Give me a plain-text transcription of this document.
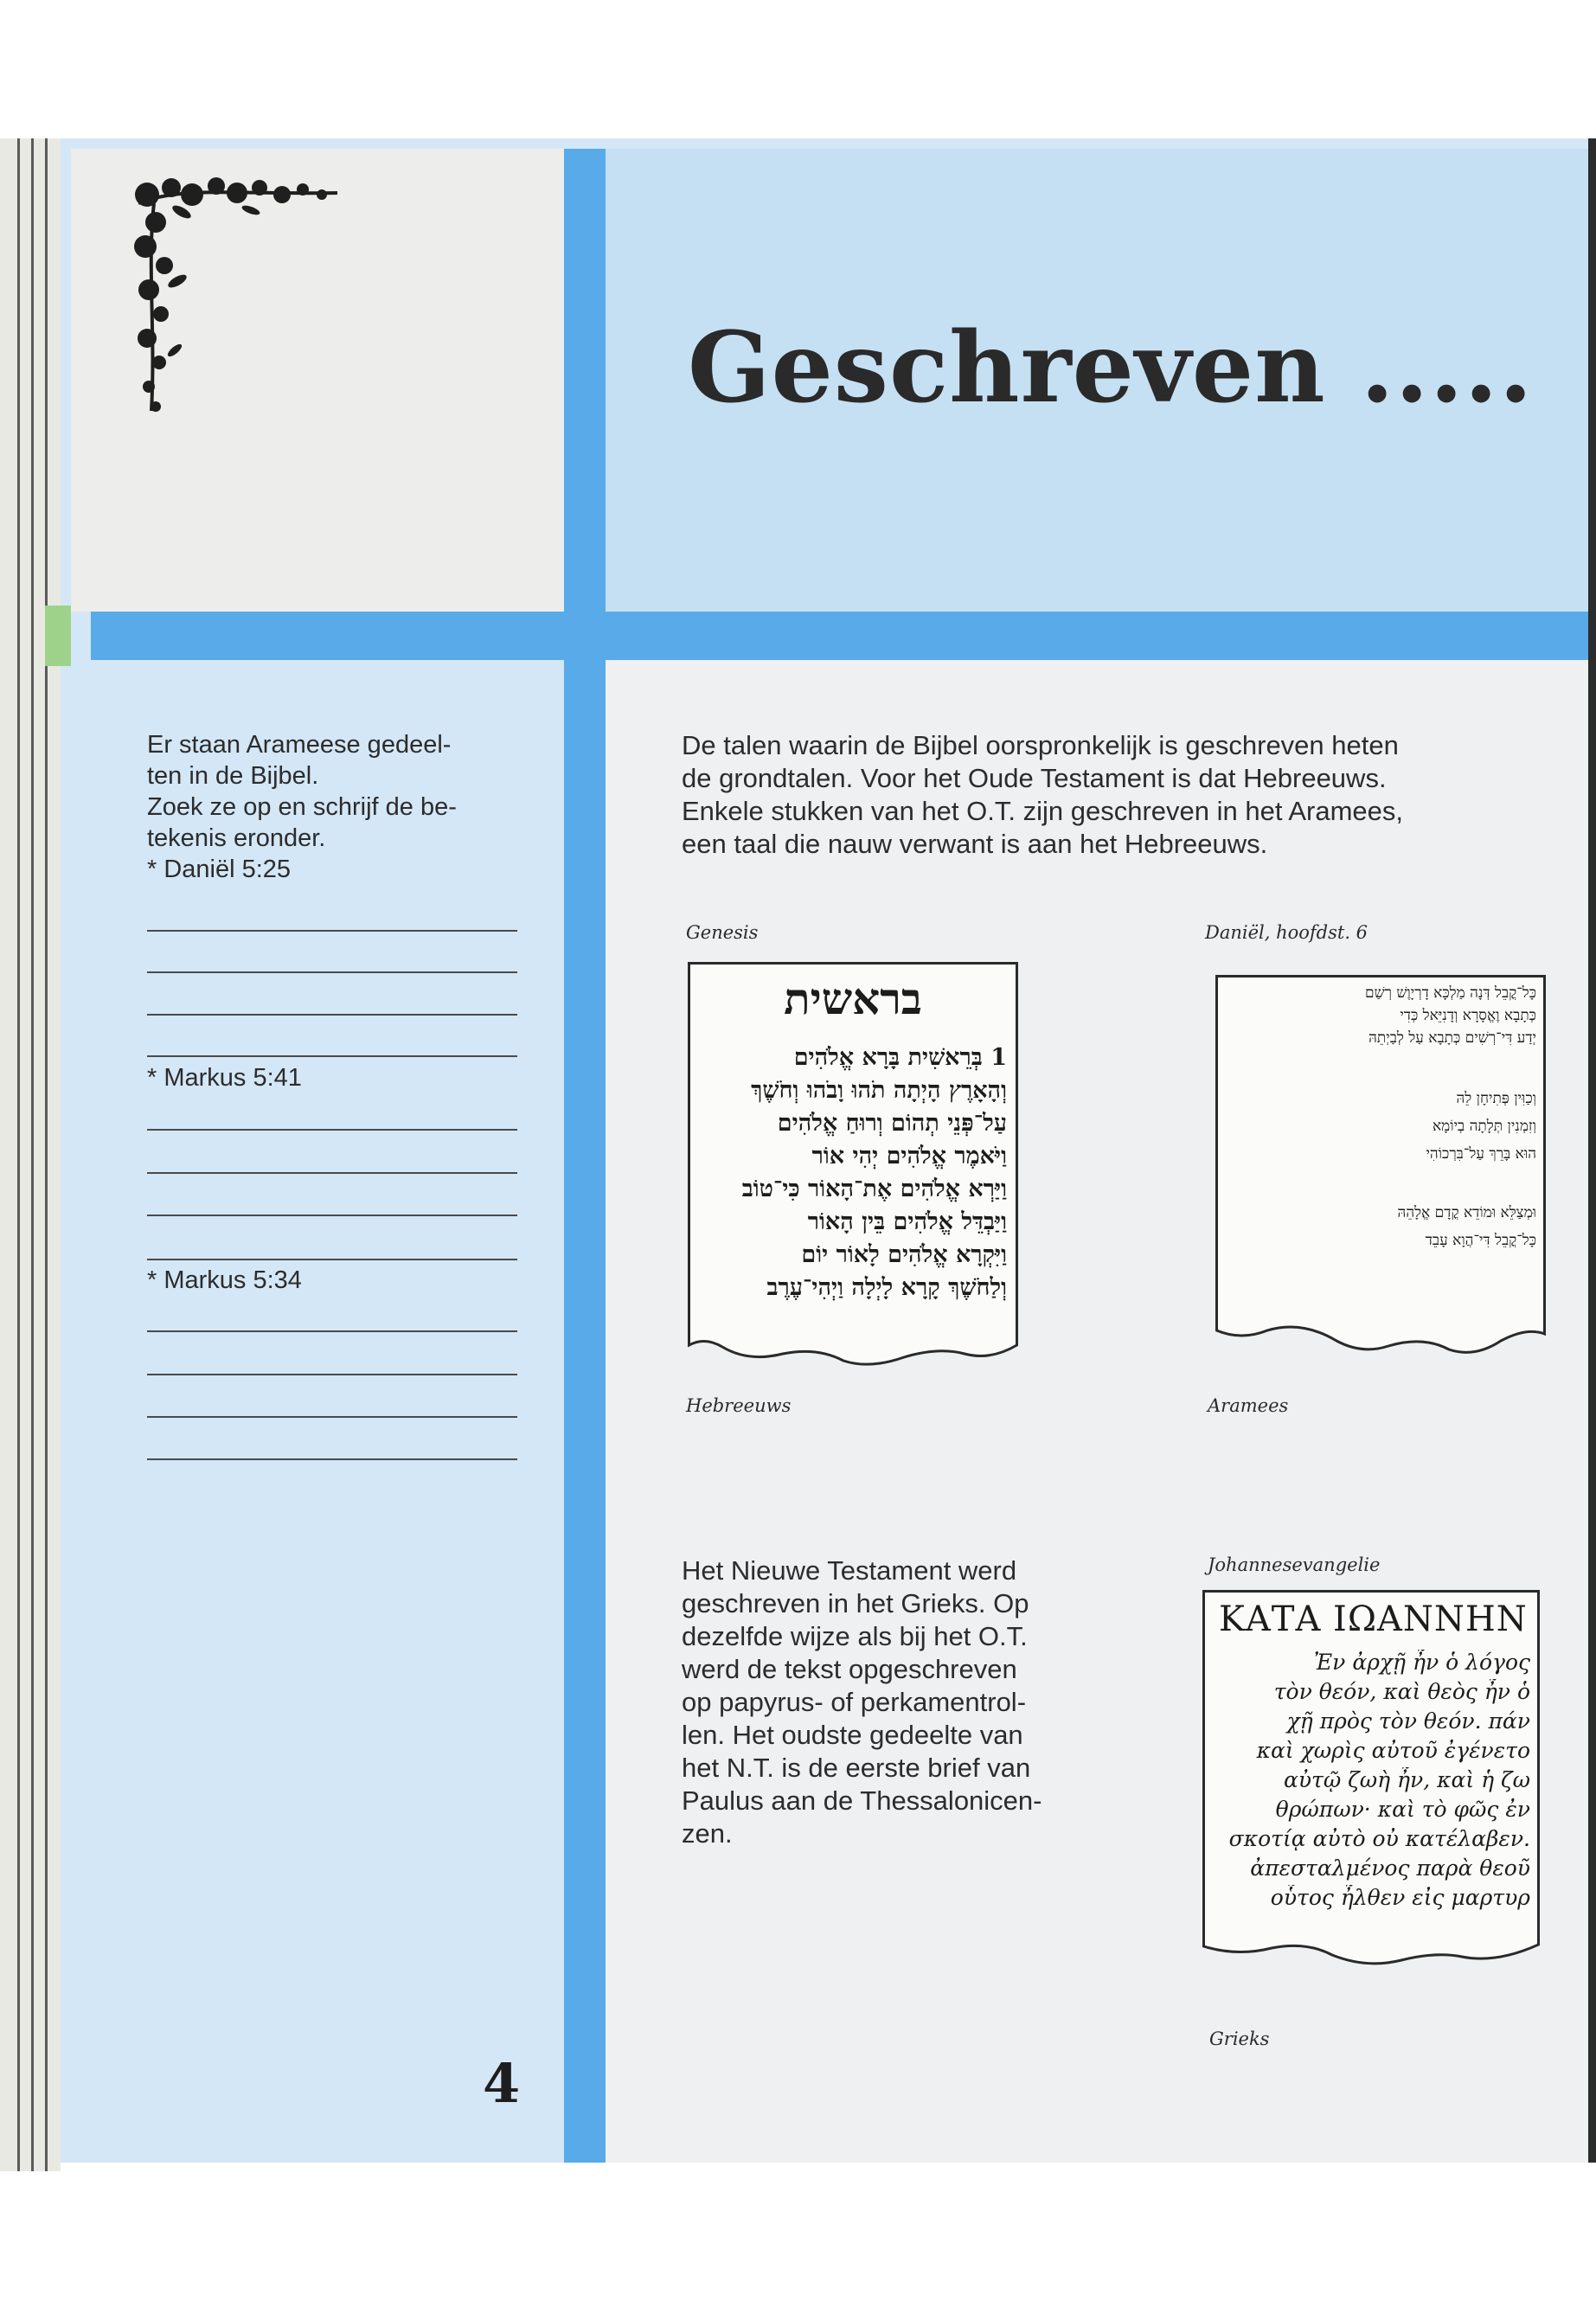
Geschreven .....
Er staan Arameese gedeel-
ten in de Bijbel.
Zoek ze op en schrijf de be-
tekenis eronder.
* Daniël 5:25
* Markus 5:41
* Markus 5:34
4
De talen waarin de Bijbel oorspronkelijk is geschreven heten
de grondtalen. Voor het Oude Testament is dat Hebreeuws.
Enkele stukken van het O.T. zijn geschreven in het Aramees,
een taal die nauw verwant is aan het Hebreeuws.
Genesis
בראשית
1 בְּרֵאשִׁית בָּרָא אֱלֹהִים
וְהָאָרֶץ הָיְתָה תֹהוּ וָבֹהוּ וְחֹשֶׁךְ
עַל־פְּנֵי תְהוֹם וְרוּחַ אֱלֹהִים
וַיֹּאמֶר אֱלֹהִים יְהִי אוֹר
וַיַּרְא אֱלֹהִים אֶת־הָאוֹר כִּי־טוֹב
וַיַּבְדֵּל אֱלֹהִים בֵּין הָאוֹר
וַיִּקְרָא אֱלֹהִים לָאוֹר יוֹם
וְלַחֹשֶׁךְ קָרָא לָיְלָה וַיְהִי־עֶרֶב
Hebreeuws
Daniël, hoofdst. 6
כָּל־קֳבֵל דְּנָה מַלְכָּא דָרְיָוֶשׁ רְשַׁם
כְּתָבָא וֶאֱסָרָא וְדָנִיֵּאל כְּדִי
יְדַע דִּי־רְשִׁים כְּתָבָא עַל לְבַיְתֵהּ
וְכַוִּין פְּתִיחָן לֵהּ
וְזִמְנִין תְּלָתָה בְיוֹמָא
הוּא בָּרֵךְ עַל־בִּרְכוֹהִי
וּמְצַלֵּא וּמוֹדֵא קֳדָם אֱלָהֵהּ
כָּל־קֳבֵל דִּי־הֲוָא עָבֵד
Aramees
Het Nieuwe Testament werd
geschreven in het Grieks. Op
dezelfde wijze als bij het O.T.
werd de tekst opgeschreven
op papyrus- of perkamentrol-
len. Het oudste gedeelte van
het N.T. is de eerste brief van
Paulus aan de Thessalonicen-
zen.
Johannesevangelie
ΚΑΤΑ ΙΩΑΝΝΗΝ
Ἐν ἀρχῇ ἦν ὁ λόγος
τὸν θεόν, καὶ θεὸς ἦν ὁ
χῇ πρὸς τὸν θεόν. πάν
καὶ χωρὶς αὐτοῦ ἐγένετο
αὐτῷ ζωὴ ἦν, καὶ ἡ ζω
θρώπων· καὶ τὸ φῶς ἐν
σκοτίᾳ αὐτὸ οὐ κατέλαβεν.
ἀπεσταλμένος παρὰ θεοῦ
οὗτος ἦλθεν εἰς μαρτυρ
Grieks
